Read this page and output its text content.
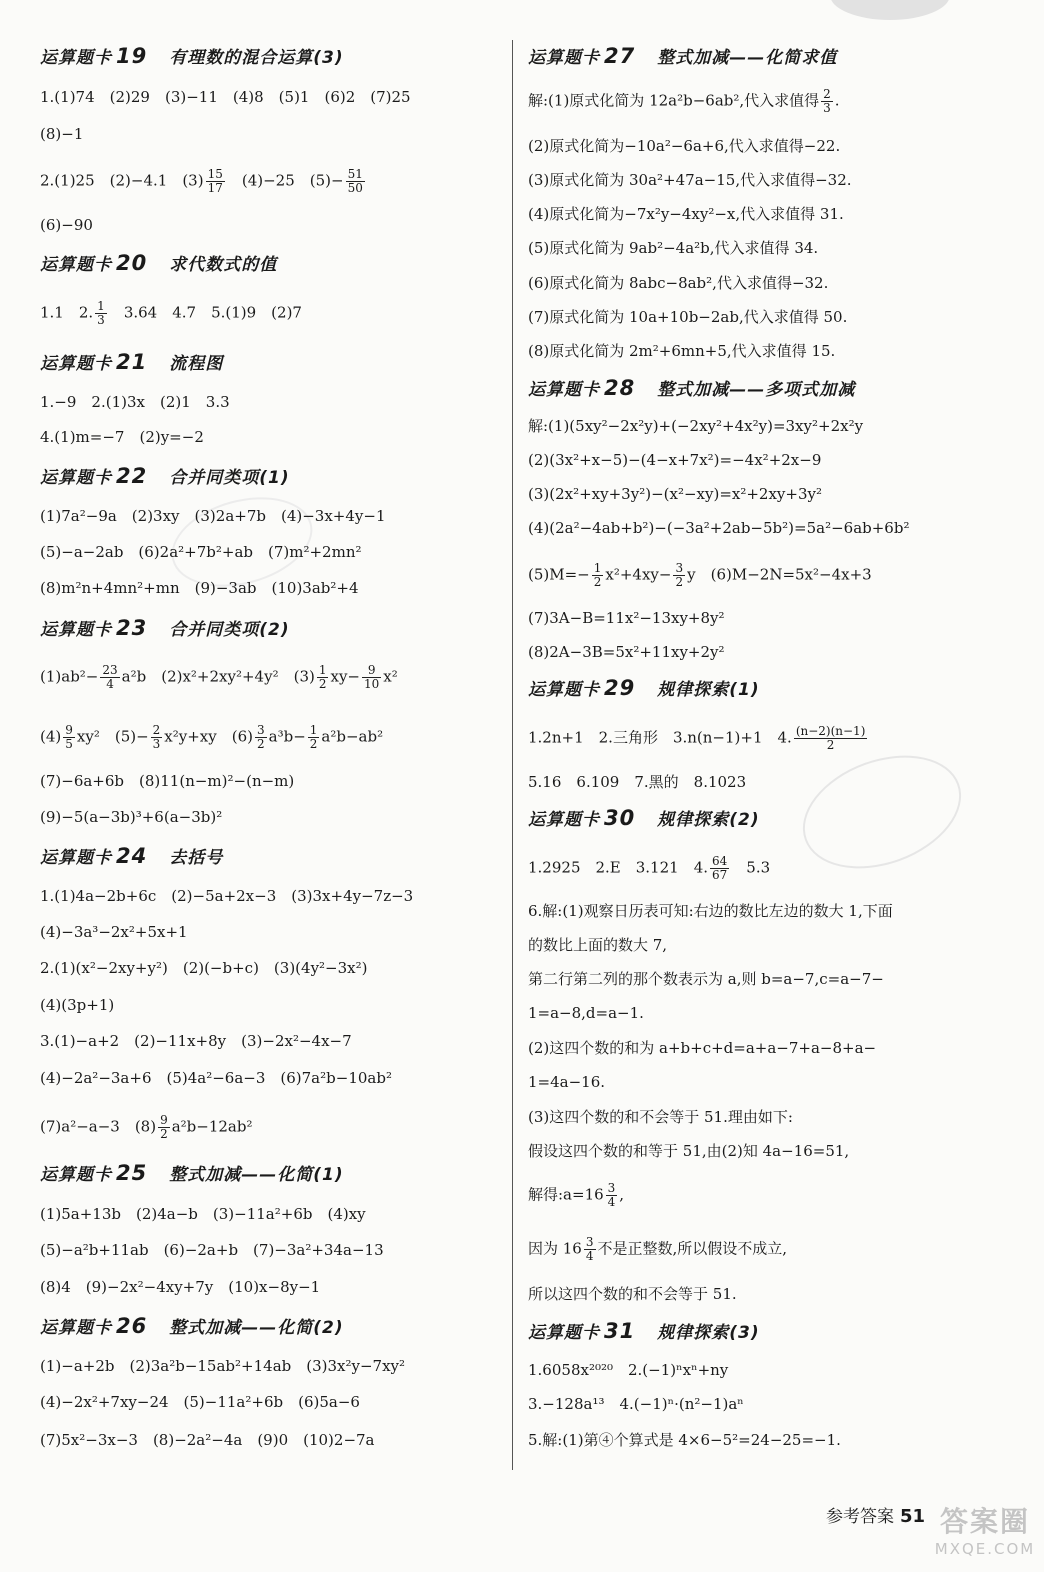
运算题卡 19　 有理数的混合运算(3)
1.(1)74　(2)29　(3)−11　(4)8　(5)1　(6)2　(7)25
(8)−1
2.(1)25　(2)−4.1　$(3) \frac{15}{17}$ 　(4)−25　$(5)- \frac{51}{50}$
(6)−90
运算题卡 20　 求代数式的值
1.1　2. $\frac{1}{3}$ 　3.64　4.7　5.(1)9　(2)7
运算题卡 21　 流程图
1.−9　2.(1)3x　(2)1　3.3
4.(1)m=−7　(2)y=−2
运算题卡 22　 合并同类项(1)
(1)7a²−9a　(2)3xy　(3)2a+7b　(4)−3x+4y−1
(5)−a−2ab　(6)2a²+7b²+ab　(7)m²+2mn²
(8)m²n+4mn²+mn　(9)−3ab　(10)3ab²+4
运算题卡 23　 合并同类项(2)
$(1)ab^2- \frac{23}{4} a^2b$　(2)x²+2xy²+4y²　$(3) \frac{1}{2} xy- \frac{9}{10} x^2$
$(4) \frac{9}{5} xy^2$　$(5)- \frac{2}{3} x^2y+xy$　$(6) \frac{3}{2} a^3b- \frac{1}{2} a^2b-ab^2$
(7)−6a+6b　(8)11(n−m)²−(n−m)
(9)−5(a−3b)³+6(a−3b)²
运算题卡 24　 去括号
1.(1)4a−2b+6c　(2)−5a+2x−3　(3)3x+4y−7z−3
(4)−3a³−2x²+5x+1
2.(1)(x²−2xy+y²)　(2)(−b+c)　(3)(4y²−3x²)
(4)(3p+1)
3.(1)−a+2　(2)−11x+8y　(3)−2x²−4x−7
(4)−2a²−3a+6　(5)4a²−6a−3　(6)7a²b−10ab²
(7)a²−a−3　$(8) \frac{9}{2} a^2b-12ab^2$
运算题卡 25　 整式加减——化简(1)
(1)5a+13b　(2)4a−b　(3)−11a²+6b　(4)xy
(5)−a²b+11ab　(6)−2a+b　(7)−3a²+34a−13
(8)4　(9)−2x²−4xy+7y　(10)x−8y−1
运算题卡 26　 整式加减——化简(2)
(1)−a+2b　(2)3a²b−15ab²+14ab　(3)3x²y−7xy²
(4)−2x²+7xy−24　(5)−11a²+6b　(6)5a−6
(7)5x²−3x−3　(8)−2a²−4a　(9)0　(10)2−7a
运算题卡 27　 整式加减——化简求值
解:(1)原式化简为 12a²b−6ab²,代入求值得 $\frac{2}{3}$ .
(2)原式化简为−10a²−6a+6,代入求值得−22.
(3)原式化简为 30a²+47a−15,代入求值得−32.
(4)原式化简为−7x²y−4xy²−x,代入求值得 31.
(5)原式化简为 9ab²−4a²b,代入求值得 34.
(6)原式化简为 8abc−8ab²,代入求值得−32.
(7)原式化简为 10a+10b−2ab,代入求值得 50.
(8)原式化简为 2m²+6mn+5,代入求值得 15.
运算题卡 28　 整式加减——多项式加减
解:(1)(5xy²−2x²y)+(−2xy²+4x²y)=3xy²+2x²y
(2)(3x²+x−5)−(4−x+7x²)=−4x²+2x−9
(3)(2x²+xy+3y²)−(x²−xy)=x²+2xy+3y²
(4)(2a²−4ab+b²)−(−3a²+2ab−5b²)=5a²−6ab+6b²
$(5)M=- \frac{1}{2} x^2+4xy- \frac{3}{2}$ y　(6)M−2N=5x²−4x+3
(7)3A−B=11x²−13xy+8y²
(8)2A−3B=5x²+11xy+2y²
运算题卡 29　 规律探索(1)
1.2n+1　2.三角形　3.n(n−1)+1　4. $\frac{(n-2)(n-1)}{2}$
5.16　6.109　7.黑的　8.1023
运算题卡 30　 规律探索(2)
1.2925　2.E　3.121　4. $\frac{64}{67}$ 　5.3
6.解:(1)观察日历表可知:右边的数比左边的数大 1,下面
的数比上面的数大 7,
第二行第二列的那个数表示为 a,则 b=a−7,c=a−7−
1=a−8,d=a−1.
(2)这四个数的和为 a+b+c+d=a+a−7+a−8+a−
1=4a−16.
(3)这四个数的和不会等于 51.理由如下:
假设这四个数的和等于 51,由(2)知 4a−16=51,
解得:a=16 $\frac{3}{4}$ ,
因为 $16 \frac{3}{4}$ 不是正整数,所以假设不成立,
所以这四个数的和不会等于 51.
运算题卡 31　 规律探索(3)
1.6058x²⁰²⁰　2.(−1)ⁿxⁿ+ny
3.−128a¹³　4.(−1)ⁿ·(n²−1)aⁿ
5.解:(1)第④个算式是 4×6−5²=24−25=−1.
参考答案 51 答案圈
MXQE.COM
